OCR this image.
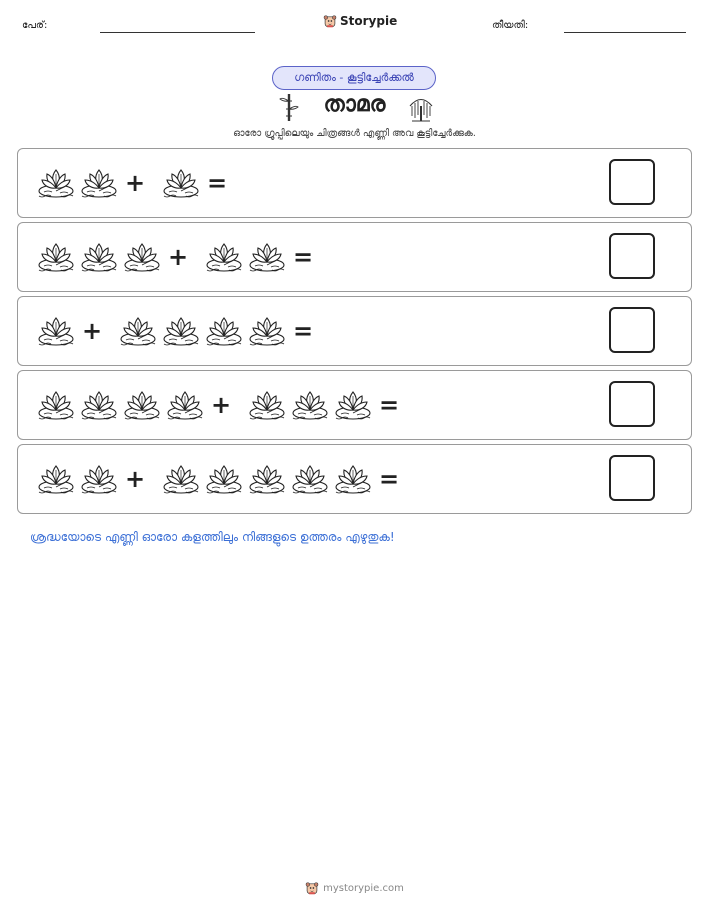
പേര്:	Storypie	തീയതി:
ഗണിതം - കൂട്ടിച്ചേർക്കൽ
താമര
ഓരോ ഗ്രൂപ്പിലെയും ചിത്രങ്ങൾ എണ്ണി അവ കൂട്ടിച്ചേർക്കുക.
+	=
+	=
+	=
+	=
+	=
ശ്രദ്ധയോടെ എണ്ണി ഓരോ കളത്തിലും നിങ്ങളുടെ ഉത്തരം എഴുതുക!
mystorypie.com
